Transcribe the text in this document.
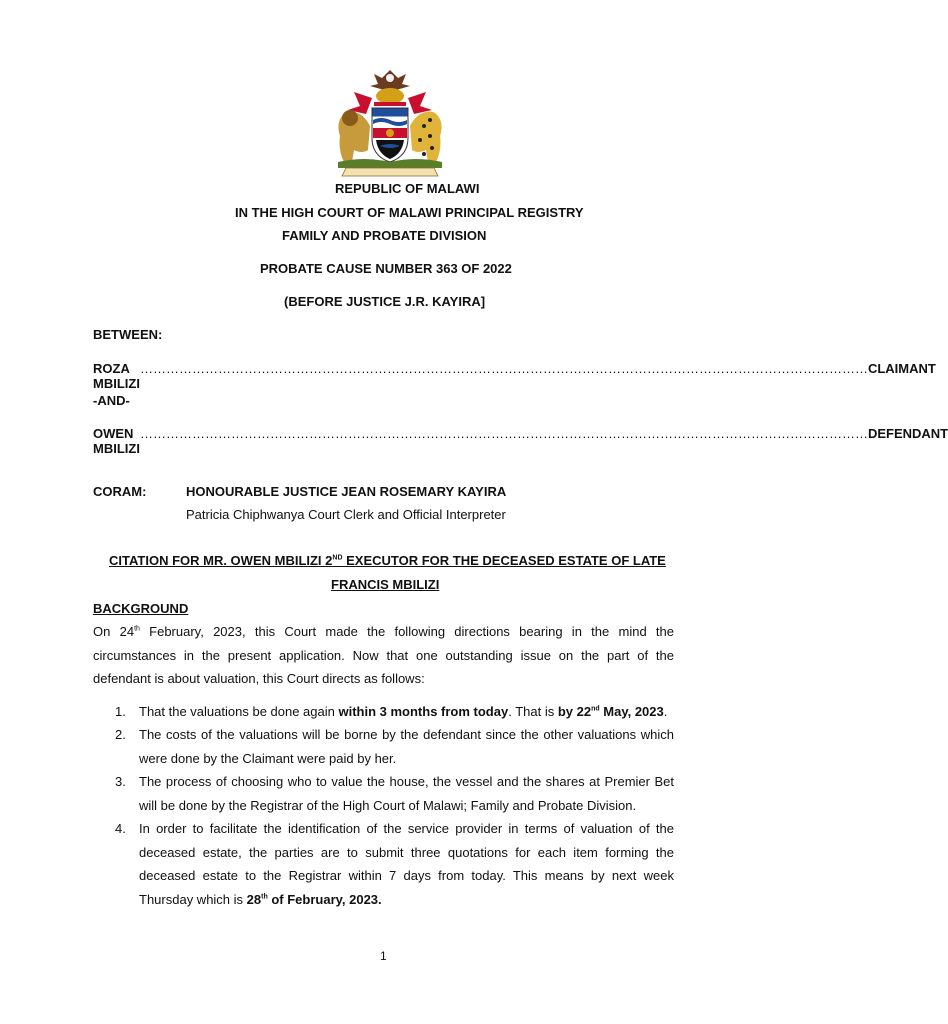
REPUBLIC OF MALAWI
IN THE HIGH COURT OF MALAWI PRINCIPAL REGISTRY
FAMILY AND PROBATE DIVISION
PROBATE CAUSE NUMBER 363 OF 2022
(BEFORE JUSTICE J.R. KAYIRA]
BETWEEN:
ROZA MBILIZI
…………………………………………………………………………………………………………………………………………………… CLAIMANT
-AND-
OWEN MBILIZI
…………………………………………………………………………………………………………………………………………………… DEFENDANT
CORAM:	HONOURABLE JUSTICE JEAN ROSEMARY KAYIRA
Patricia Chiphwanya Court Clerk and Official Interpreter
CITATION FOR MR. OWEN MBILIZI 2ND EXECUTOR FOR THE DECEASED ESTATE OF LATE
FRANCIS MBILIZI
BACKGROUND
On 24th February, 2023, this Court made the following directions bearing in the mind the circumstances in the present application. Now that one outstanding issue on the part of the defendant is about valuation, this Court directs as follows:
1. That the valuations be done again within 3 months from today. That is by 22nd May, 2023.
2. The costs of the valuations will be borne by the defendant since the other valuations which were done by the Claimant were paid by her.
3. The process of choosing who to value the house, the vessel and the shares at Premier Bet will be done by the Registrar of the High Court of Malawi; Family and Probate Division.
4. In order to facilitate the identification of the service provider in terms of valuation of the deceased estate, the parties are to submit three quotations for each item forming the deceased estate to the Registrar within 7 days from today. This means by next week Thursday which is 28th of February, 2023.
1
